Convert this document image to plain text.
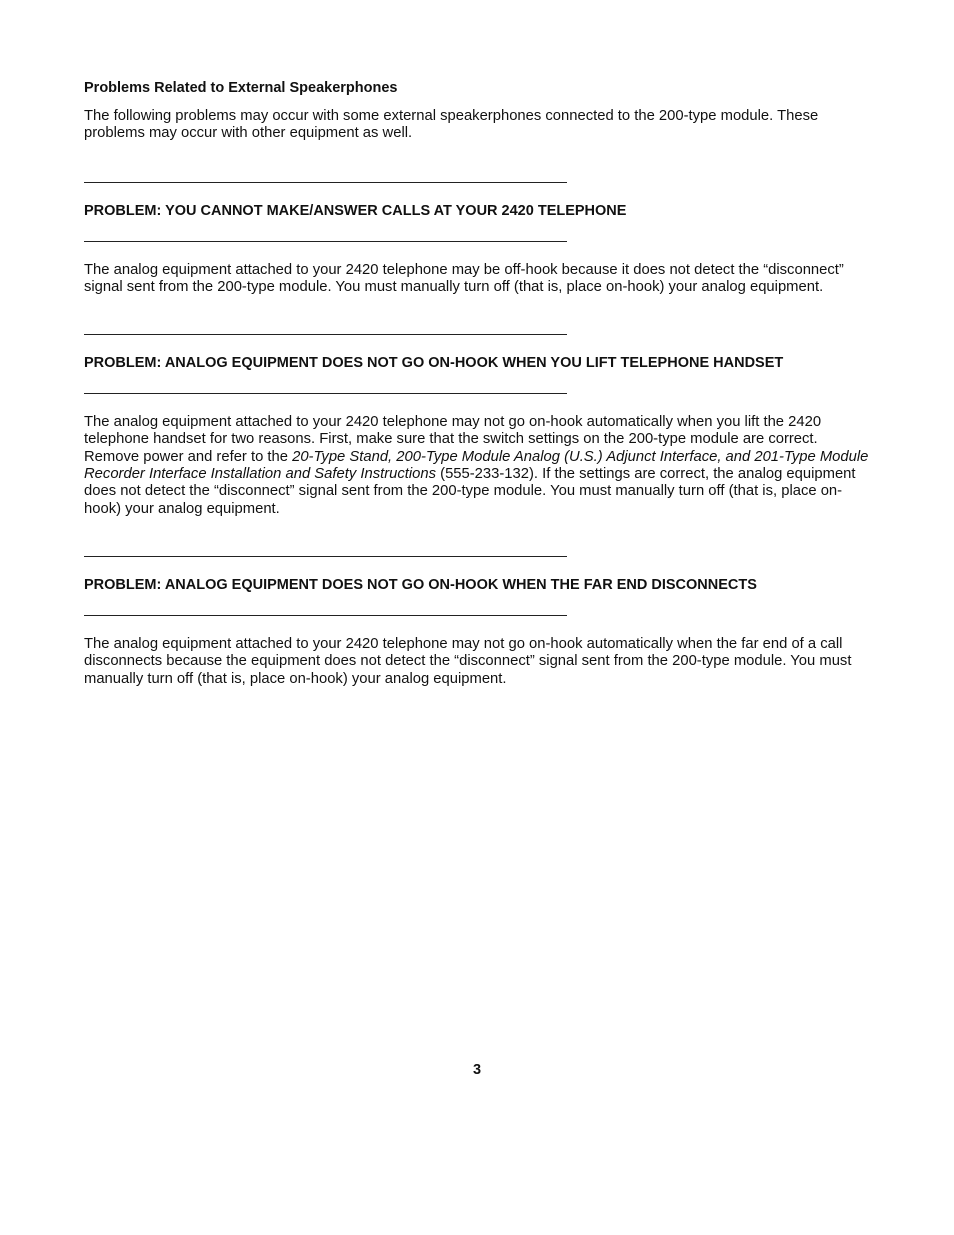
Problems Related to External Speakerphones

The following problems may occur with some external speakerphones connected to the 200-type module. These problems may occur with other equipment as well.

PROBLEM: YOU CANNOT MAKE/ANSWER CALLS AT YOUR 2420 TELEPHONE

The analog equipment attached to your 2420 telephone may be off-hook because it does not detect the “disconnect” signal sent from the 200-type module. You must manually turn off (that is, place on-hook) your analog equipment.

PROBLEM: ANALOG EQUIPMENT DOES NOT GO ON-HOOK WHEN YOU LIFT TELEPHONE HANDSET

The analog equipment attached to your 2420 telephone may not go on-hook automatically when you lift the 2420 telephone handset for two reasons. First, make sure that the switch settings on the 200-type module are correct. Remove power and refer to the 20-Type Stand, 200-Type Module Analog (U.S.) Adjunct Interface, and 201-Type Module Recorder Interface Installation and Safety Instructions (555-233-132). If the settings are correct, the analog equipment does not detect the “disconnect” signal sent from the 200-type module. You must manually turn off (that is, place on-hook) your analog equipment.

PROBLEM: ANALOG EQUIPMENT DOES NOT GO ON-HOOK WHEN THE FAR END DISCONNECTS

The analog equipment attached to your 2420 telephone may not go on-hook automatically when the far end of a call disconnects because the equipment does not detect the “disconnect” signal sent from the 200-type module. You must manually turn off (that is, place on-hook) your analog equipment.

3
